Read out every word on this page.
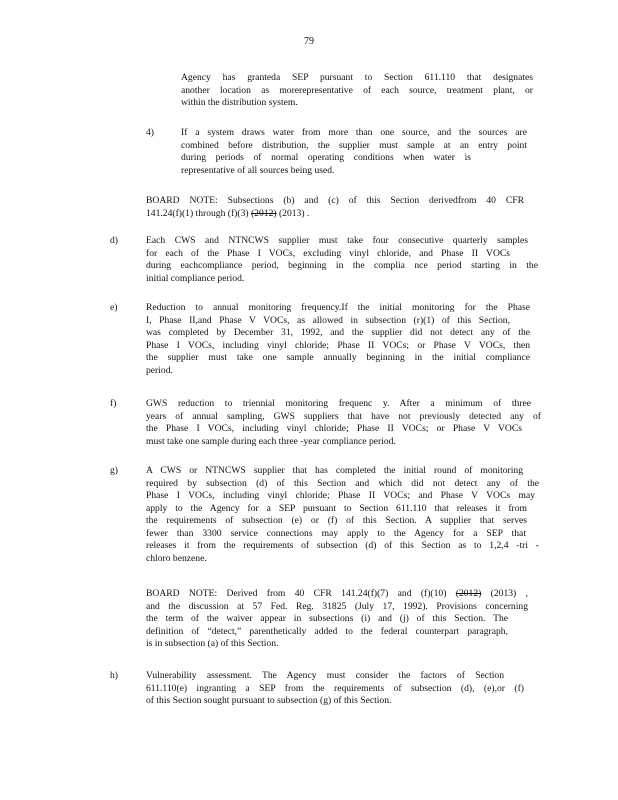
79
Agency has granteda SEP pursuant to Section 611.110 that designates
another location as morerepresentative of each source, treatment plant, or
within the distribution system.
4)	If a system draws water from more than one source, and the sources are
combined before distribution, the supplier must sample at an entry point
during periods of normal operating conditions when water is
representative of all sources being used.
BOARD NOTE: Subsections (b) and (c) of this Section derivedfrom 40 CFR
141.24(f)(1) through (f)(3) (2012) (2013) .
d)	Each CWS and NTNCWS supplier must take four consecutive quarterly samples
for each of the Phase I VOCs, excluding vinyl chloride, and Phase II VOCs
during eachcompliance period, beginning in the complia nce period starting in the
initial compliance period.
e)	Reduction to annual monitoring frequency.If the initial monitoring for the Phase
I, Phase II,and Phase V VOCs, as allowed in subsection (r)(1) of this Section,
was completed by December 31, 1992, and the supplier did not detect any of the
Phase I VOCs, including vinyl chloride; Phase II VOCs; or Phase V VOCs, then
the supplier must take one sample annually beginning in the initial compliance
period.
f)	GWS reduction to triennial monitoring frequenc y. After a minimum of three
years of annual sampling, GWS suppliers that have not previously detected any of
the Phase I VOCs, including vinyl chloride; Phase II VOCs; or Phase V VOCs
must take one sample during each three -year compliance period.
g)	A CWS or NTNCWS supplier that has completed the initial round of monitoring
required by subsection (d) of this Section and which did not detect any of the
Phase I VOCs, including vinyl chloride; Phase II VOCs; and Phase V VOCs may
apply to the Agency for a SEP pursuant to Section 611.110 that releases it from
the requirements of subsection (e) or (f) of this Section. A supplier that serves
fewer than 3300 service connections may apply to the Agency for a SEP that
releases it from the requirements of subsection (d) of this Section as to 1,2,4 -tri -
chloro benzene.
BOARD NOTE: Derived from 40 CFR 141.24(f)(7) and (f)(10) (2012) (2013) ,
and the discussion at 57 Fed. Reg. 31825 (July 17, 1992). Provisions concerning
the term of the waiver appear in subsections (i) and (j) of this Section. The
definition of “detect,” parenthetically added to the federal counterpart paragraph,
is in subsection (a) of this Section.
h)	Vulnerability assessment. The Agency must consider the factors of Section
611.110(e) ingranting a SEP from the requirements of subsection (d), (e),or (f)
of this Section sought pursuant to subsection (g) of this Section.
